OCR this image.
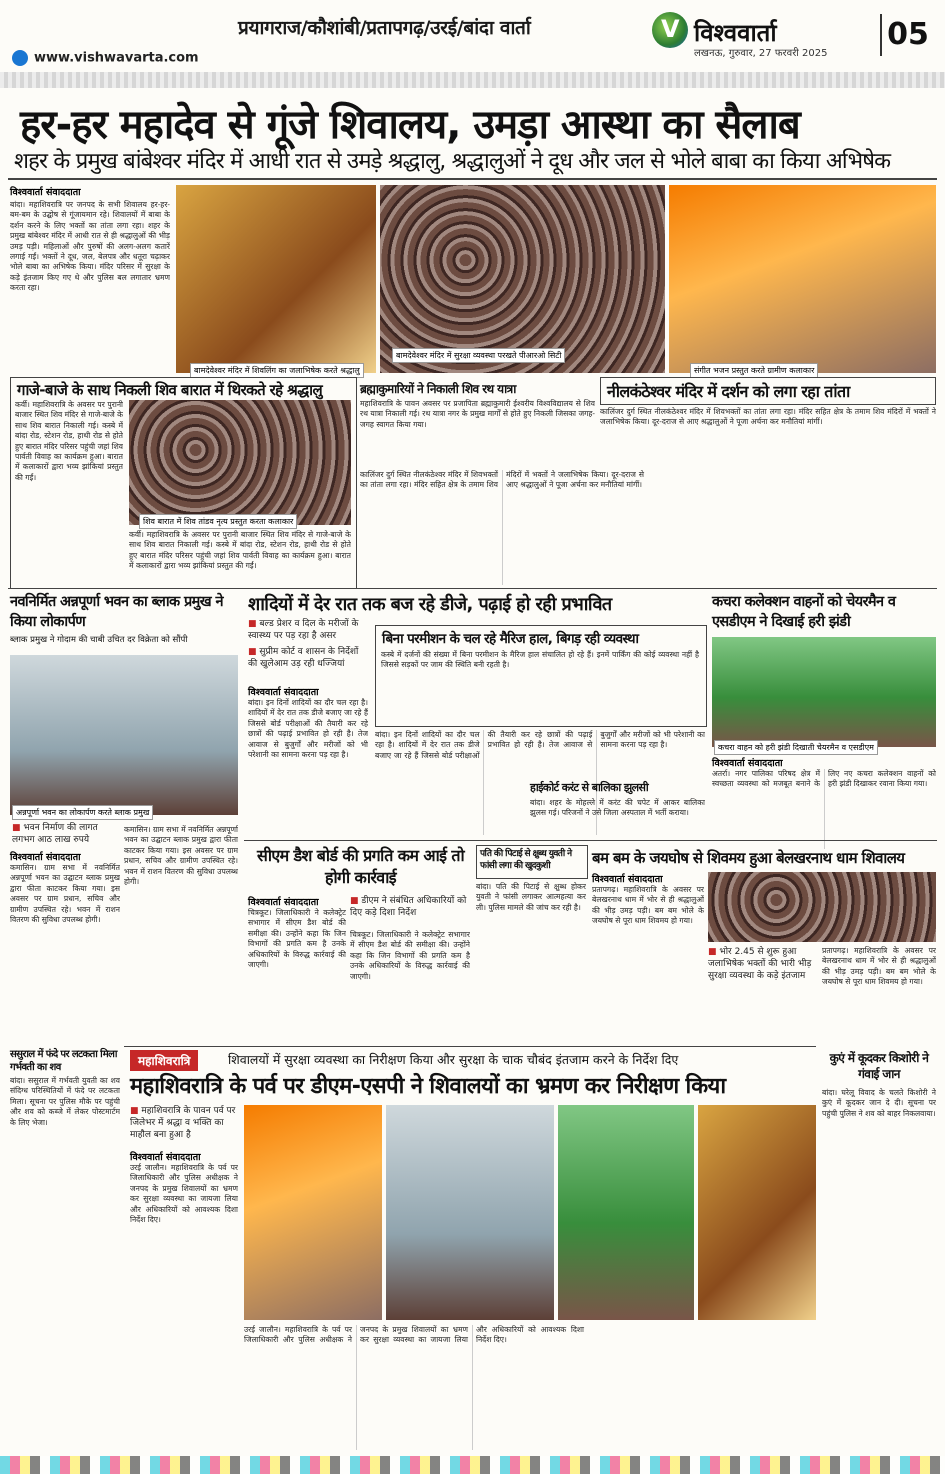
प्रयागराज/कौशांबी/प्रतापगढ़/उरई/बांदा वार्ता	V विश्ववार्ता
लखनऊ, गुरुवार, 27 फरवरी 2025
05
www.vishwavarta.com
हर-हर महादेव से गूंजे शिवालय, उमड़ा आस्था का सैलाब
शहर के प्रमुख बांबेश्वर मंदिर में आधी रात से उमड़े श्रद्धालु, श्रद्धालुओं ने दूध और जल से भोले बाबा का किया अभिषेक
विश्ववार्ता संवाददाता
बांदा। महाशिवरात्रि पर जनपद के सभी शिवालय हर-हर-बम-बम के उद्घोष से गूंजायमान रहे। शिवालयों में बाबा के दर्शन करने के लिए भक्तों का तांता लगा रहा। शहर के प्रमुख बांबेश्वर मंदिर में आधी रात से ही श्रद्धालुओं की भीड़ उमड़ पड़ी। महिलाओं और पुरुषों की अलग-अलग कतारें लगाई गईं। भक्तों ने दूध, जल, बेलपत्र और धतूरा चढ़ाकर भोले बाबा का अभिषेक किया। मंदिर परिसर में सुरक्षा के कड़े इंतजाम किए गए थे और पुलिस बल लगातार भ्रमण करता रहा।
बामदेवेश्वर मंदिर में शिवलिंग का जलाभिषेक करते श्रद्धालु
बामदेवेश्वर मंदिर में सुरक्षा व्यवस्था परखते पीआरओ सिटी
संगीत भजन प्रस्तुत करते ग्रामीण कलाकार
गाजे-बाजे के साथ निकली शिव बारात में थिरकते रहे श्रद्धालु
कर्वी। महाशिवरात्रि के अवसर पर पुरानी बाजार स्थित शिव मंदिर से गाजे-बाजे के साथ शिव बारात निकाली गई। कस्बे में बांदा रोड, स्टेशन रोड, हाथी रोड से होते हुए बारात मंदिर परिसर पहुंची जहां शिव पार्वती विवाह का कार्यक्रम हुआ। बारात में कलाकारों द्वारा भव्य झांकियां प्रस्तुत की गईं।
शिव बारात में शिव तांडव नृत्य प्रस्तुत करता कलाकार
कर्वी। महाशिवरात्रि के अवसर पर पुरानी बाजार स्थित शिव मंदिर से गाजे-बाजे के साथ शिव बारात निकाली गई। कस्बे में बांदा रोड, स्टेशन रोड, हाथी रोड से होते हुए बारात मंदिर परिसर पहुंची जहां शिव पार्वती विवाह का कार्यक्रम हुआ। बारात में कलाकारों द्वारा भव्य झांकियां प्रस्तुत की गईं।
ब्रह्माकुमारियों ने निकाली शिव रथ यात्रा
महाशिवरात्रि के पावन अवसर पर प्रजापिता ब्रह्माकुमारी ईश्वरीय विश्वविद्यालय से शिव रथ यात्रा निकाली गई। रथ यात्रा नगर के प्रमुख मार्गों से होते हुए निकली जिसका जगह-जगह स्वागत किया गया।
नीलकंठेश्वर मंदिर में दर्शन को लगा रहा तांता
कालिंजर दुर्ग स्थित नीलकंठेश्वर मंदिर में शिवभक्तों का तांता लगा रहा। मंदिर सहित क्षेत्र के तमाम शिव मंदिरों में भक्तों ने जलाभिषेक किया। दूर-दराज से आए श्रद्धालुओं ने पूजा अर्चना कर मनौतियां मांगीं।
कालिंजर दुर्ग स्थित नीलकंठेश्वर मंदिर में शिवभक्तों का तांता लगा रहा। मंदिर सहित क्षेत्र के तमाम शिव मंदिरों में भक्तों ने जलाभिषेक किया। दूर-दराज से आए श्रद्धालुओं ने पूजा अर्चना कर मनौतियां मांगीं।
नवनिर्मित अन्नपूर्णा भवन का ब्लाक प्रमुख ने किया लोकार्पण
ब्लाक प्रमुख ने गोदाम की चाबी उचित दर विक्रेता को सौंपी
अन्नपूर्णा भवन का लोकार्पण करते ब्लाक प्रमुख
■ भवन निर्माण की लागत लगभग आठ लाख रुपये
विश्ववार्ता संवाददाता
कमासिन। ग्राम सभा में नवनिर्मित अन्नपूर्णा भवन का उद्घाटन ब्लाक प्रमुख द्वारा फीता काटकर किया गया। इस अवसर पर ग्राम प्रधान, सचिव और ग्रामीण उपस्थित रहे। भवन में राशन वितरण की सुविधा उपलब्ध होगी।
ससुराल में फंदे पर लटकता मिला गर्भवती का शव
बांदा। ससुराल में गर्भवती युवती का शव संदिग्ध परिस्थितियों में फंदे पर लटकता मिला। सूचना पर पुलिस मौके पर पहुंची और शव को कब्जे में लेकर पोस्टमार्टम के लिए भेजा।
कमासिन। ग्राम सभा में नवनिर्मित अन्नपूर्णा भवन का उद्घाटन ब्लाक प्रमुख द्वारा फीता काटकर किया गया। इस अवसर पर ग्राम प्रधान, सचिव और ग्रामीण उपस्थित रहे। भवन में राशन वितरण की सुविधा उपलब्ध होगी।
शादियों में देर रात तक बज रहे डीजे, पढ़ाई हो रही प्रभावित
■ बल्ड प्रेशर व दिल के मरीजों के स्वास्थ्य पर पड़ रहा है असर
■ सुप्रीम कोर्ट व शासन के निर्देशों की खुलेआम उड़ रही धज्जियां
विश्ववार्ता संवाददाता
बांदा। इन दिनों शादियों का दौर चल रहा है। शादियों में देर रात तक डीजे बजाए जा रहे हैं जिससे बोर्ड परीक्षाओं की तैयारी कर रहे छात्रों की पढ़ाई प्रभावित हो रही है। तेज आवाज से बुजुर्गों और मरीजों को भी परेशानी का सामना करना पड़ रहा है।
बिना परमीशन के चल रहे मैरिज हाल, बिगड़ रही व्यवस्था
कस्बे में दर्जनों की संख्या में बिना परमीशन के मैरिज हाल संचालित हो रहे हैं। इनमें पार्किंग की कोई व्यवस्था नहीं है जिससे सड़कों पर जाम की स्थिति बनी रहती है।
बांदा। इन दिनों शादियों का दौर चल रहा है। शादियों में देर रात तक डीजे बजाए जा रहे हैं जिससे बोर्ड परीक्षाओं की तैयारी कर रहे छात्रों की पढ़ाई प्रभावित हो रही है। तेज आवाज से बुजुर्गों और मरीजों को भी परेशानी का सामना करना पड़ रहा है।
हाईकोर्ट करंट से बालिका झुलसी
बांदा। शहर के मोहल्ले में करंट की चपेट में आकर बालिका झुलस गई। परिजनों ने उसे जिला अस्पताल में भर्ती कराया।
कचरा कलेक्शन वाहनों को चेयरमैन व एसडीएम ने दिखाई हरी झंडी
कचरा वाहन को हरी झंडी दिखाती चेयरमैन व एसडीएम
विश्ववार्ता संवाददाता
अतर्रा। नगर पालिका परिषद क्षेत्र में स्वच्छता व्यवस्था को मजबूत बनाने के लिए नए कचरा कलेक्शन वाहनों को हरी झंडी दिखाकर रवाना किया गया।
सीएम डैश बोर्ड की प्रगति कम आई तो होगी कार्रवाई
■ डीएम ने संबंधित अधिकारियों को दिए कड़े दिशा निर्देश
विश्ववार्ता संवाददाता
चित्रकूट। जिलाधिकारी ने कलेक्ट्रेट सभागार में सीएम डैश बोर्ड की समीक्षा की। उन्होंने कहा कि जिन विभागों की प्रगति कम है उनके अधिकारियों के विरुद्ध कार्रवाई की जाएगी।
चित्रकूट। जिलाधिकारी ने कलेक्ट्रेट सभागार में सीएम डैश बोर्ड की समीक्षा की। उन्होंने कहा कि जिन विभागों की प्रगति कम है उनके अधिकारियों के विरुद्ध कार्रवाई की जाएगी।
पति की पिटाई से क्षुब्ध युवती ने फांसी लगा की खुदकुशी
बांदा। पति की पिटाई से क्षुब्ध होकर युवती ने फांसी लगाकर आत्महत्या कर ली। पुलिस मामले की जांच कर रही है।
बम बम के जयघोष से शिवमय हुआ बेलखरनाथ धाम शिवालय
विश्ववार्ता संवाददाता
प्रतापगढ़। महाशिवरात्रि के अवसर पर बेलखरनाथ धाम में भोर से ही श्रद्धालुओं की भीड़ उमड़ पड़ी। बम बम भोले के जयघोष से पूरा धाम शिवमय हो गया।
■ भोर 2.45 से शुरू हुआ जलाभिषेक भक्तों की भारी भीड़ सुरक्षा व्यवस्था के कड़े इंतजाम
प्रतापगढ़। महाशिवरात्रि के अवसर पर बेलखरनाथ धाम में भोर से ही श्रद्धालुओं की भीड़ उमड़ पड़ी। बम बम भोले के जयघोष से पूरा धाम शिवमय हो गया।
महाशिवरात्रि	शिवालयों में सुरक्षा व्यवस्था का निरीक्षण किया और सुरक्षा के चाक चौबंद इंतजाम करने के निर्देश दिए
महाशिवरात्रि के पर्व पर डीएम-एसपी ने शिवालयों का भ्रमण कर निरीक्षण किया
■ महाशिवरात्रि के पावन पर्व पर जिलेभर में श्रद्धा व भक्ति का माहौल बना हुआ है
विश्ववार्ता संवाददाता
उरई जालौन। महाशिवरात्रि के पर्व पर जिलाधिकारी और पुलिस अधीक्षक ने जनपद के प्रमुख शिवालयों का भ्रमण कर सुरक्षा व्यवस्था का जायजा लिया और अधिकारियों को आवश्यक दिशा निर्देश दिए।
उरई जालौन। महाशिवरात्रि के पर्व पर जिलाधिकारी और पुलिस अधीक्षक ने जनपद के प्रमुख शिवालयों का भ्रमण कर सुरक्षा व्यवस्था का जायजा लिया और अधिकारियों को आवश्यक दिशा निर्देश दिए।
कुएं में कूदकर किशोरी ने गंवाई जान
बांदा। घरेलू विवाद के चलते किशोरी ने कुएं में कूदकर जान दे दी। सूचना पर पहुंची पुलिस ने शव को बाहर निकलवाया।
